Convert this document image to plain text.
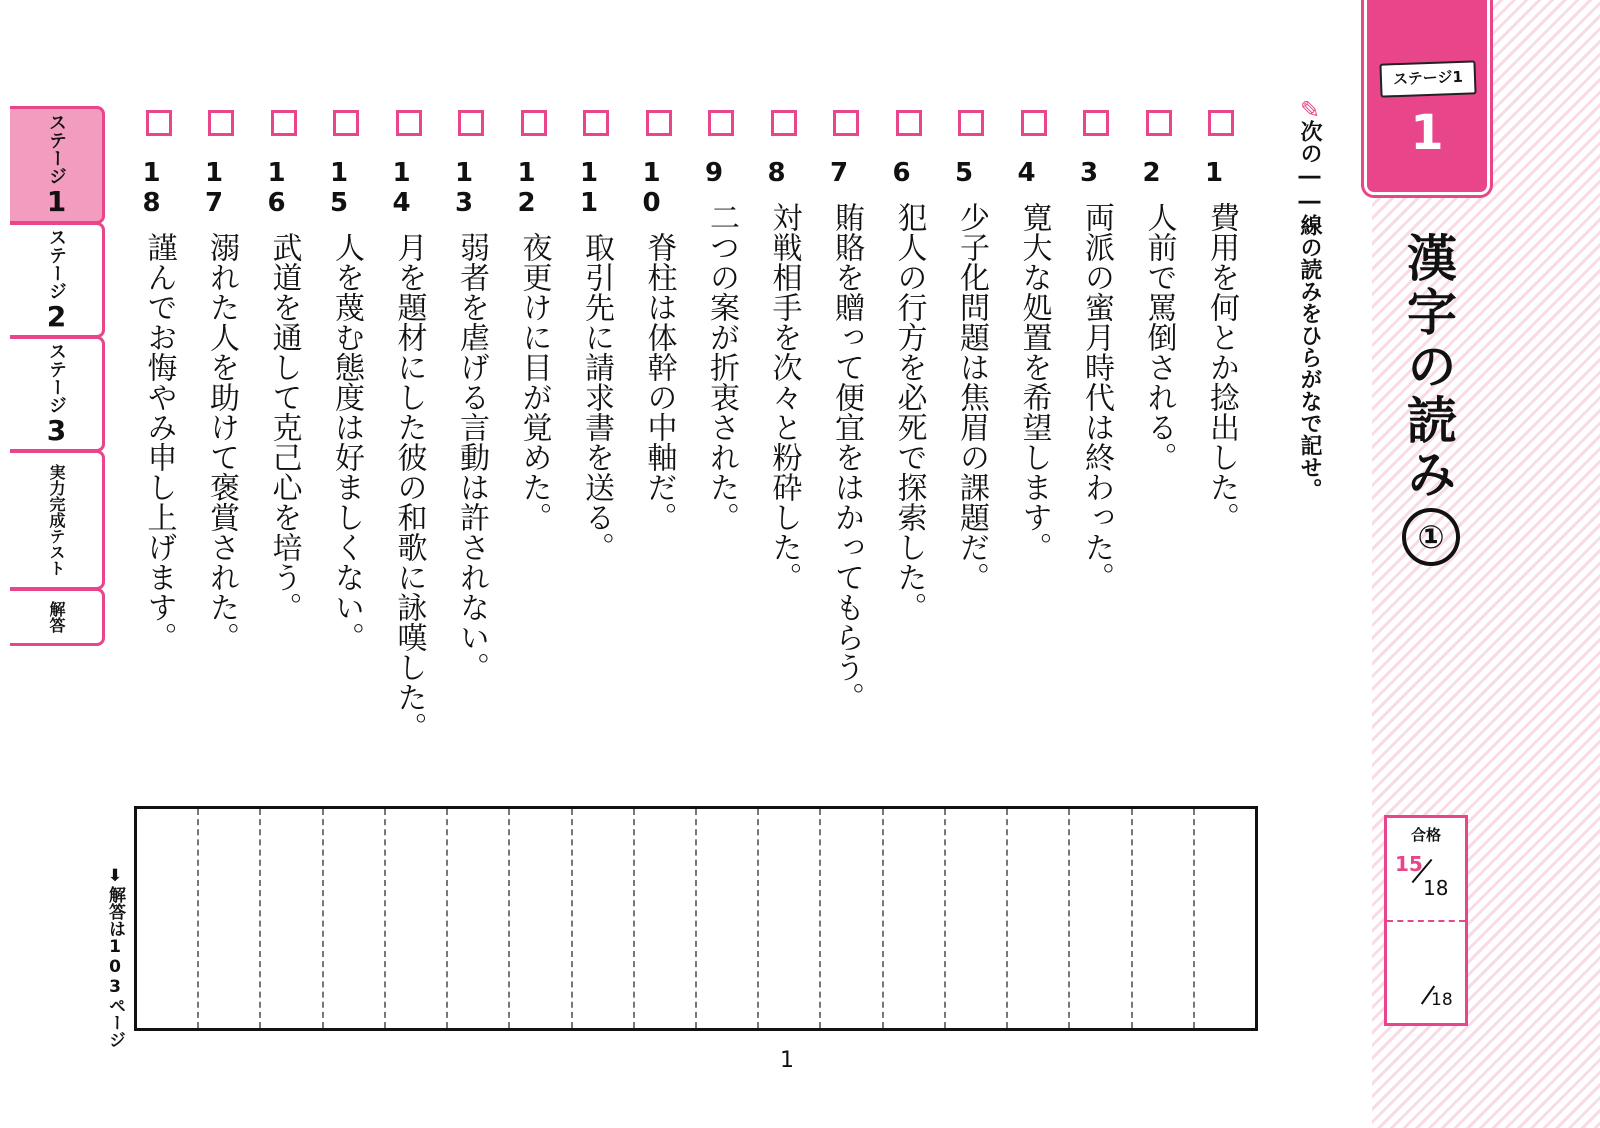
ステージ1
1
漢字の読み
①
合格
15
18
18
ステージ1
ステージ2
ステージ3
実力完成テスト
解答
✎
次の――線の読みをひらがなで記せ。
1
費用を何とか捻出した。
2
人前で罵倒される。
3
両派の蜜月時代は終わった。
4
寛大な処置を希望します。
5
少子化問題は焦眉の課題だ。
6
犯人の行方を必死で探索した。
7
賄賂を贈って便宜をはかってもらう。
8
対戦相手を次々と粉砕した。
9
二つの案が折衷された。
10
脊柱は体幹の中軸だ。
11
取引先に請求書を送る。
12
夜更けに目が覚めた。
13
弱者を虐げる言動は許されない。
14
月を題材にした彼の和歌に詠嘆した。
15
人を蔑む態度は好ましくない。
16
武道を通して克己心を培う。
17
溺れた人を助けて褒賞された。
18
謹んでお悔やみ申し上げます。
⬇解答は103ページ
1
